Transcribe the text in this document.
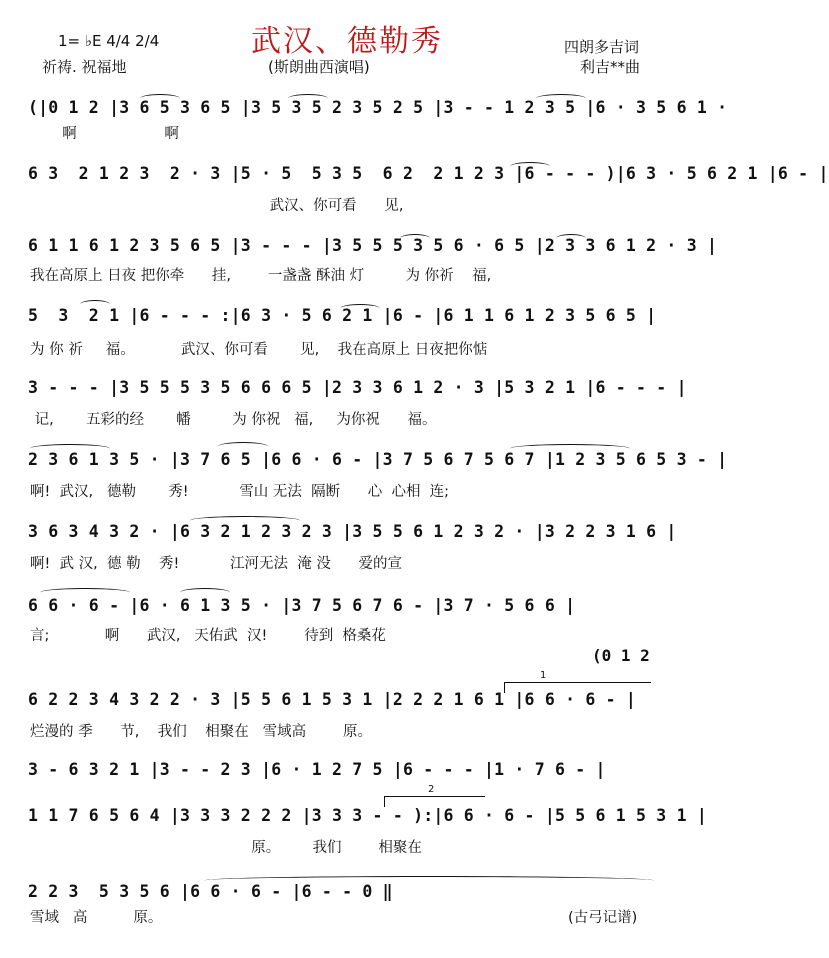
武汉、德勒秀
1= ♭E 4/4 2/4
祈祷. 祝福地	(斯朗曲西演唱)
四朗多吉词
利吉**曲
(|0 1 2 |3 6 5 3 6 5 |3 5 3 5 2 3 5 2 5 |3 - - 1 2 3 5 |6 · 3 5 6 1 ·
啊                   啊
6 3  2 1 2 3  2 · 3 |5 · 5  5 3 5  6 2  2 1 2 3 |6 - - - )|6 3 · 5 6 2 1 |6 - |
武汉、你可看      见,
6 1 1 6 1 2 3 5 6 5 |3 - - - |3 5 5 5 3 5 6 · 6 5 |2 3 3 6 1 2 · 3 |
我在高原上 日夜 把你牵      挂,        一盏盏 酥油 灯         为 你祈    福,
5  3  2 1 |6 - - - :|6 3 · 5 6 2 1 |6 - |6 1 1 6 1 2 3 5 6 5 |
为 你 祈     福。          武汉、你可看       见,    我在高原上 日夜把你惦
3 - - - |3 5 5 5 3 5 6 6 6 5 |2 3 3 6 1 2 · 3 |5 3 2 1 |6 - - - |
记,       五彩的经       幡         为 你祝   福,     为你祝      福。
2 3 6 1 3 5 · |3 7 6 5 |6 6 · 6 - |3 7 5 6 7 5 6 7 |1 2 3 5 6 5 3 - |
啊!  武汉,   德勒       秀!           雪山 无法  隔断      心  心相  连;
3 6 3 4 3 2 · |6 3 2 1 2 3 2 3 |3 5 5 6 1 2 3 2 · |3 2 2 3 1 6 |
啊!  武 汉,  德 勒    秀!           江河无法  淹 没      爱的宣
6 6 · 6 - |6 · 6 1 3 5 · |3 7 5 6 7 6 - |3 7 · 5 6 6 |
言;            啊      武汉,   天佑武  汉!        待到  格桑花
(0 1 2
6 2 2 3 4 3 2 2 · 3 |5 5 6 1 5 3 1 |2 2 2 1 6 1 |6 6 · 6 - |
烂漫的 季      节,    我们    相聚在   雪域高        原。
1
3 - 6 3 2 1 |3 - - 2 3 |6 · 1 2 7 5 |6 - - - |1 · 7 6 - |
1 1 7 6 5 6 4 |3 3 3 2 2 2 |3 3 3 - - ):|6 6 · 6 - |5 5 6 1 5 3 1 |
原。       我们        相聚在
2
2 2 3  5 3 5 6 |6 6 · 6 - |6 - - 0 ‖
雪域   高          原。	(古弓记谱)
